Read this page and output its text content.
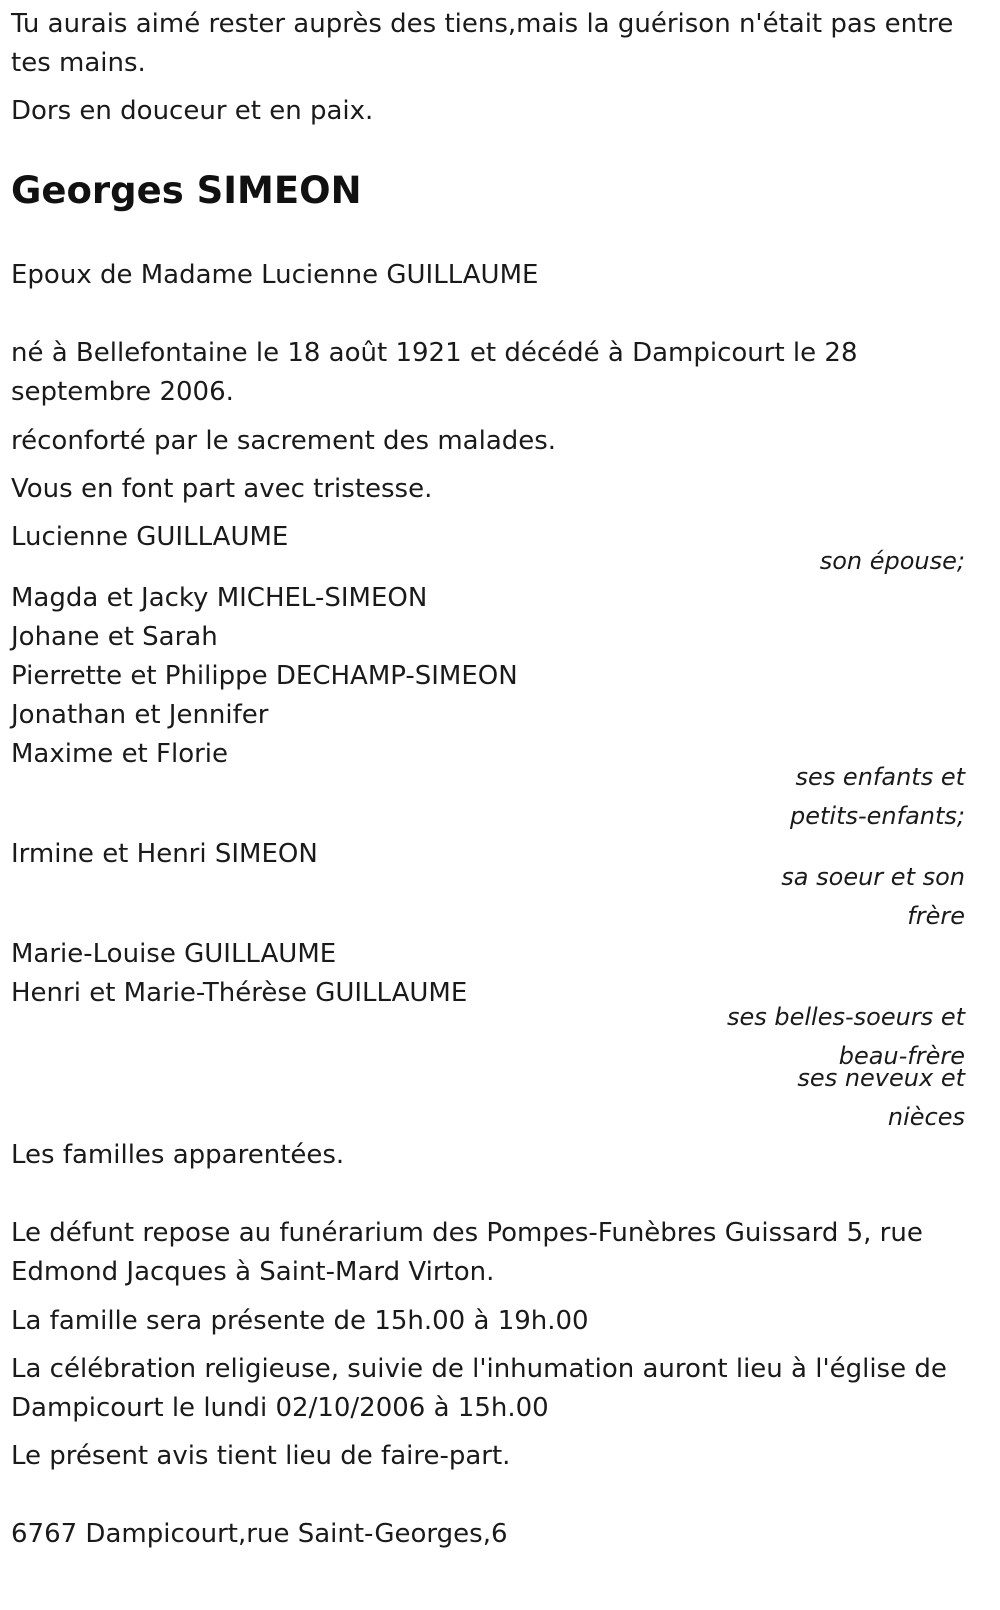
Tu aurais aimé rester auprès des tiens,mais la guérison n'était pas entre

tes mains.

Dors en douceur et en paix.

Georges SIMEON

Epoux de Madame Lucienne GUILLAUME

né à Bellefontaine le 18 août 1921 et décédé à Dampicourt le 28

septembre 2006.

réconforté par le sacrement des malades.

Vous en font part avec tristesse.

Lucienne GUILLAUME

son épouse;

Magda et Jacky MICHEL-SIMEON

Johane et Sarah

Pierrette et Philippe DECHAMP-SIMEON

Jonathan et Jennifer

Maxime et Florie

ses enfants et
petits-enfants;

Irmine et Henri SIMEON

sa soeur et son
frère

Marie-Louise GUILLAUME

Henri et Marie-Thérèse GUILLAUME

ses belles-soeurs et
beau-frère
ses neveux et
nièces

Les familles apparentées.

Le défunt repose au funérarium des Pompes-Funèbres Guissard 5, rue

Edmond Jacques à Saint-Mard Virton.

La famille sera présente de 15h.00 à 19h.00

La célébration religieuse, suivie de l'inhumation auront lieu à l'église de

Dampicourt le lundi 02/10/2006 à 15h.00

Le présent avis tient lieu de faire-part.

6767 Dampicourt,rue Saint-Georges,6
